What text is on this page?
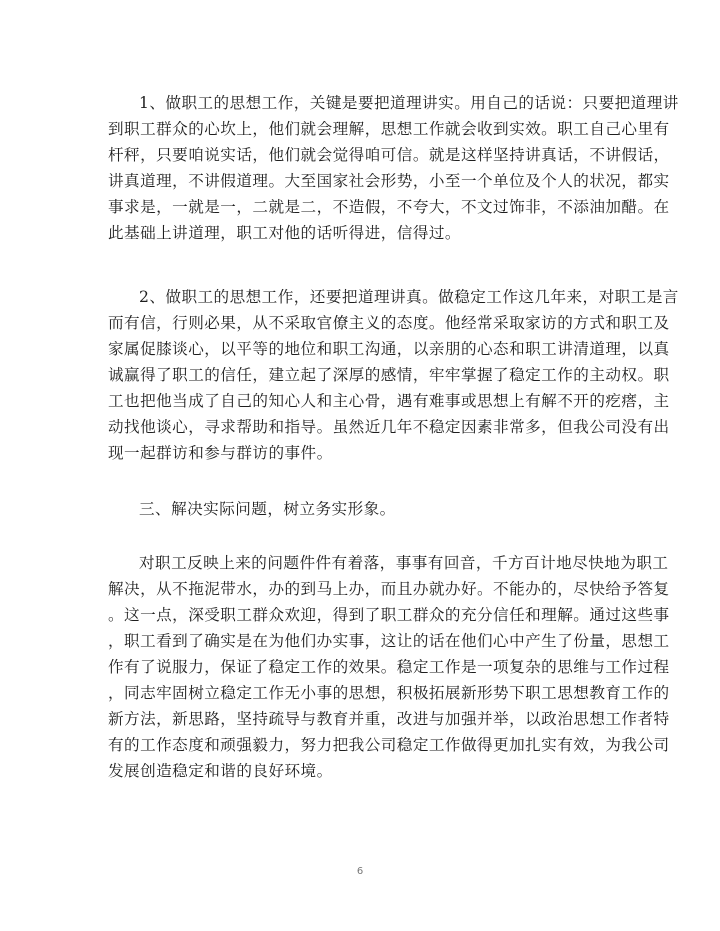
1、做职工的思想工作，关键是要把道理讲实。用自己的话说：只要把道理讲
到职工群众的心坎上，他们就会理解，思想工作就会收到实效。职工自己心里有
杆秤，只要咱说实话，他们就会觉得咱可信。就是这样坚持讲真话，不讲假话，
讲真道理，不讲假道理。大至国家社会形势，小至一个单位及个人的状况，都实
事求是，一就是一，二就是二，不造假，不夸大，不文过饰非，不添油加醋。在
此基础上讲道理，职工对他的话听得进，信得过。
2、做职工的思想工作，还要把道理讲真。做稳定工作这几年来，对职工是言
而有信，行则必果，从不采取官僚主义的态度。他经常采取家访的方式和职工及
家属促膝谈心，以平等的地位和职工沟通，以亲朋的心态和职工讲清道理，以真
诚赢得了职工的信任，建立起了深厚的感情，牢牢掌握了稳定工作的主动权。职
工也把他当成了自己的知心人和主心骨，遇有难事或思想上有解不开的疙瘩，主
动找他谈心，寻求帮助和指导。虽然近几年不稳定因素非常多，但我公司没有出
现一起群访和参与群访的事件。
三、解决实际问题，树立务实形象。
对职工反映上来的问题件件有着落，事事有回音，千方百计地尽快地为职工
解决，从不拖泥带水，办的到马上办，而且办就办好。不能办的，尽快给予答复
。这一点，深受职工群众欢迎，得到了职工群众的充分信任和理解。通过这些事
，职工看到了确实是在为他们办实事，这让的话在他们心中产生了份量，思想工
作有了说服力，保证了稳定工作的效果。稳定工作是一项复杂的思维与工作过程
，同志牢固树立稳定工作无小事的思想，积极拓展新形势下职工思想教育工作的
新方法，新思路，坚持疏导与教育并重，改进与加强并举，以政治思想工作者特
有的工作态度和顽强毅力，努力把我公司稳定工作做得更加扎实有效，为我公司
发展创造稳定和谐的良好环境。
6
